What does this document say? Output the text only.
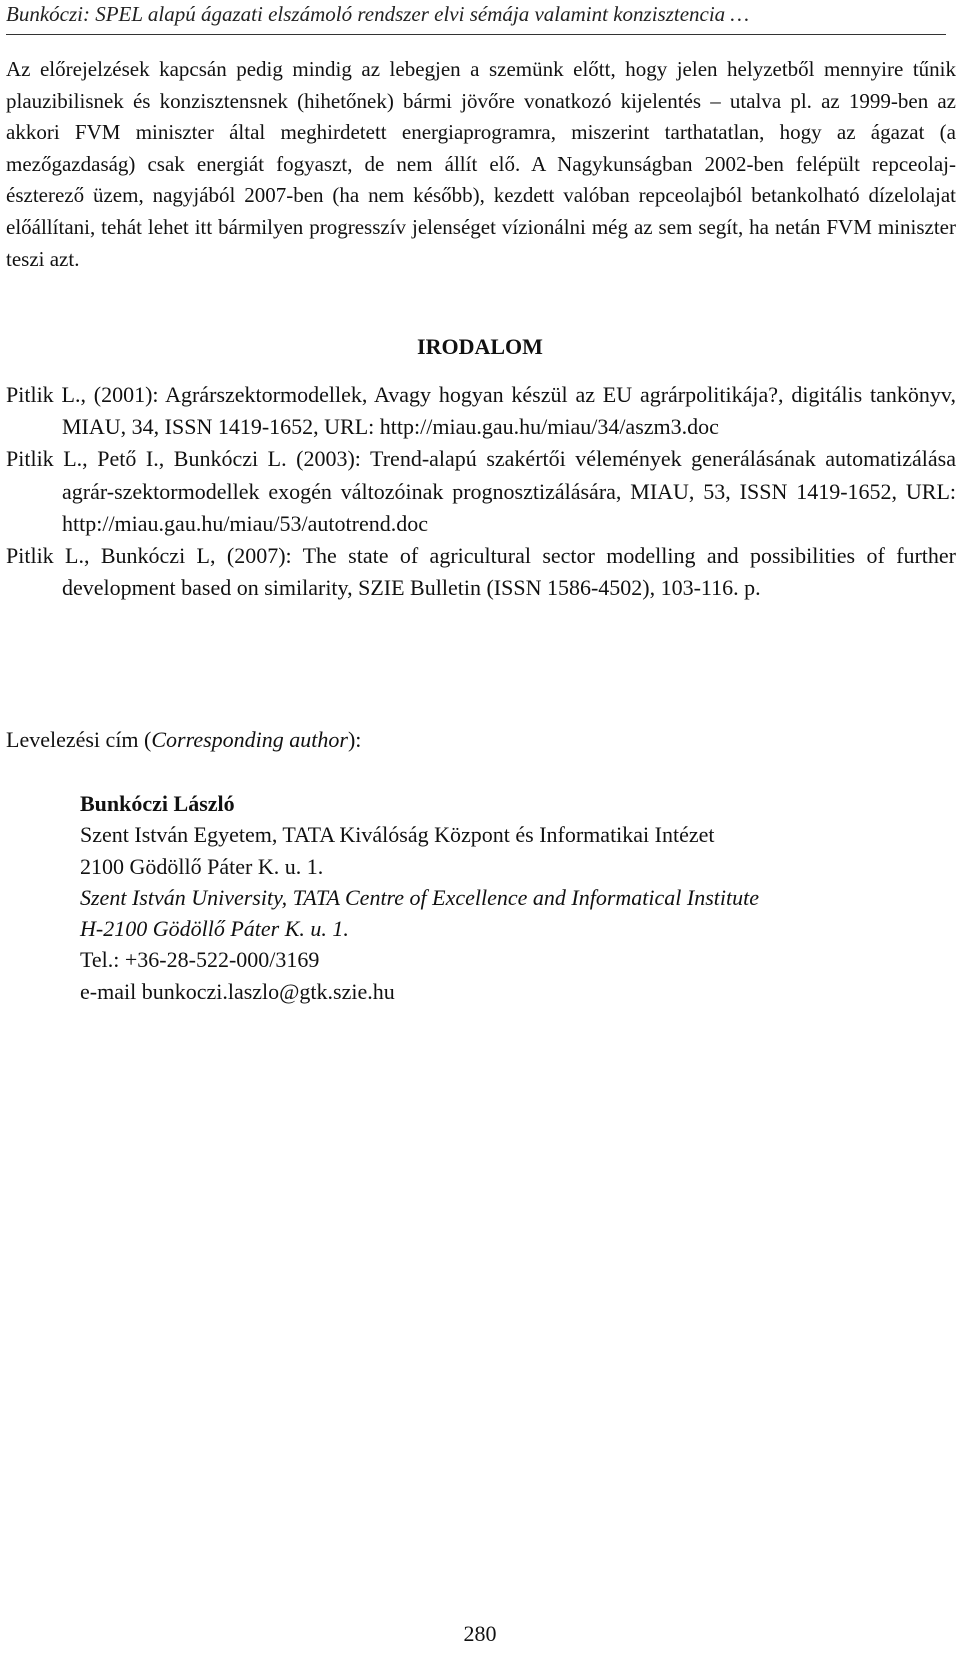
Bunkóczi: SPEL alapú ágazati elszámoló rendszer elvi sémája valamint konzisztencia …

Az előrejelzések kapcsán pedig mindig az lebegjen a szemünk előtt, hogy jelen helyzetből mennyire tűnik plauzibilisnek és konzisztensnek (hihetőnek) bármi jövőre vonatkozó kijelentés – utalva pl. az 1999-ben az akkori FVM miniszter által meghirdetett energiaprogramra, miszerint tarthatatlan, hogy az ágazat (a mezőgazdaság) csak energiát fogyaszt, de nem állít elő. A Nagykunságban 2002-ben felépült repceolaj- észterező üzem, nagyjából 2007-ben (ha nem később), kezdett valóban repceolajból betankolható dízelolajat előállítani, tehát lehet itt bármilyen progresszív jelenséget vízionálni még az sem segít, ha netán FVM miniszter teszi azt.

IRODALOM
Pitlik L., (2001): Agrárszektormodellek, Avagy hogyan készül az EU agrárpolitikája?, digitális tankönyv, MIAU, 34, ISSN 1419-1652, URL: http://miau.gau.hu/miau/34/aszm3.doc
Pitlik L., Pető I., Bunkóczi L. (2003): Trend-alapú szakértői vélemények generálásának automatizálása agrár-szektormodellek exogén változóinak prognosztizálására, MIAU, 53, ISSN 1419-1652, URL: http://miau.gau.hu/miau/53/autotrend.doc
Pitlik L., Bunkóczi L, (2007): The state of agricultural sector modelling and possibilities of further development based on similarity, SZIE Bulletin (ISSN 1586-4502), 103-116. p.

Levelezési cím (Corresponding author):

Bunkóczi László
Szent István Egyetem, TATA Kiválóság Központ és Informatikai Intézet
2100 Gödöllő Páter K. u. 1.
Szent István University, TATA Centre of Excellence and Informatical Institute
H-2100 Gödöllő Páter K. u. 1.
Tel.: +36-28-522-000/3169
e-mail bunkoczi.laszlo@gtk.szie.hu
280
